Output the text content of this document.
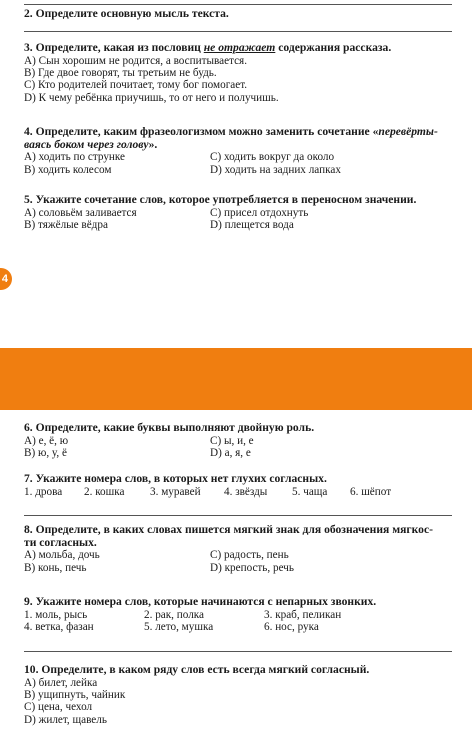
2. Определите основную мысль текста.
3. Определите, какая из пословиц не отражает содержания рассказа.
А) Сын хорошим не родится, а воспитывается.
В) Где двое говорят, ты третьим не будь.
С) Кто родителей почитает, тому бог помогает.
D) К чему ребёнка приучишь, то от него и получишь.
4. Определите, каким фразеологизмом можно заменить сочетание «перевёрты-
ваясь боком через голову».
А) ходить по струнке	С) ходить вокруг да около
В) ходить колесом	D) ходить на задних лапках
5. Укажите сочетание слов, которое употребляется в переносном значении.
А) соловьём заливается	С) присел отдохнуть
В) тяжёлые вёдра	D) плещется вода
4
6. Определите, какие буквы выполняют двойную роль.
А) е, ё, ю	С) ы, и, е
В) ю, у, ё	D) а, я, е
7. Укажите номера слов, в которых нет глухих согласных.
1. дрова	2. кошка	3. муравей	4. звёзды	5. чаща	6. шёпот
8. Определите, в каких словах пишется мягкий знак для обозначения мягкос-
ти согласных.
А) мольба, дочь	С) радость, пень
В) конь, печь	D) крепость, речь
9. Укажите номера слов, которые начинаются с непарных звонких.
1. моль, рысь	2. рак, полка	3. краб, пеликан
4. ветка, фазан	5. лето, мушка	6. нос, рука
10. Определите, в каком ряду слов есть всегда мягкий согласный.
А) билет, лейка
В) ущипнуть, чайник
С) цена, чехол
D) жилет, щавель
